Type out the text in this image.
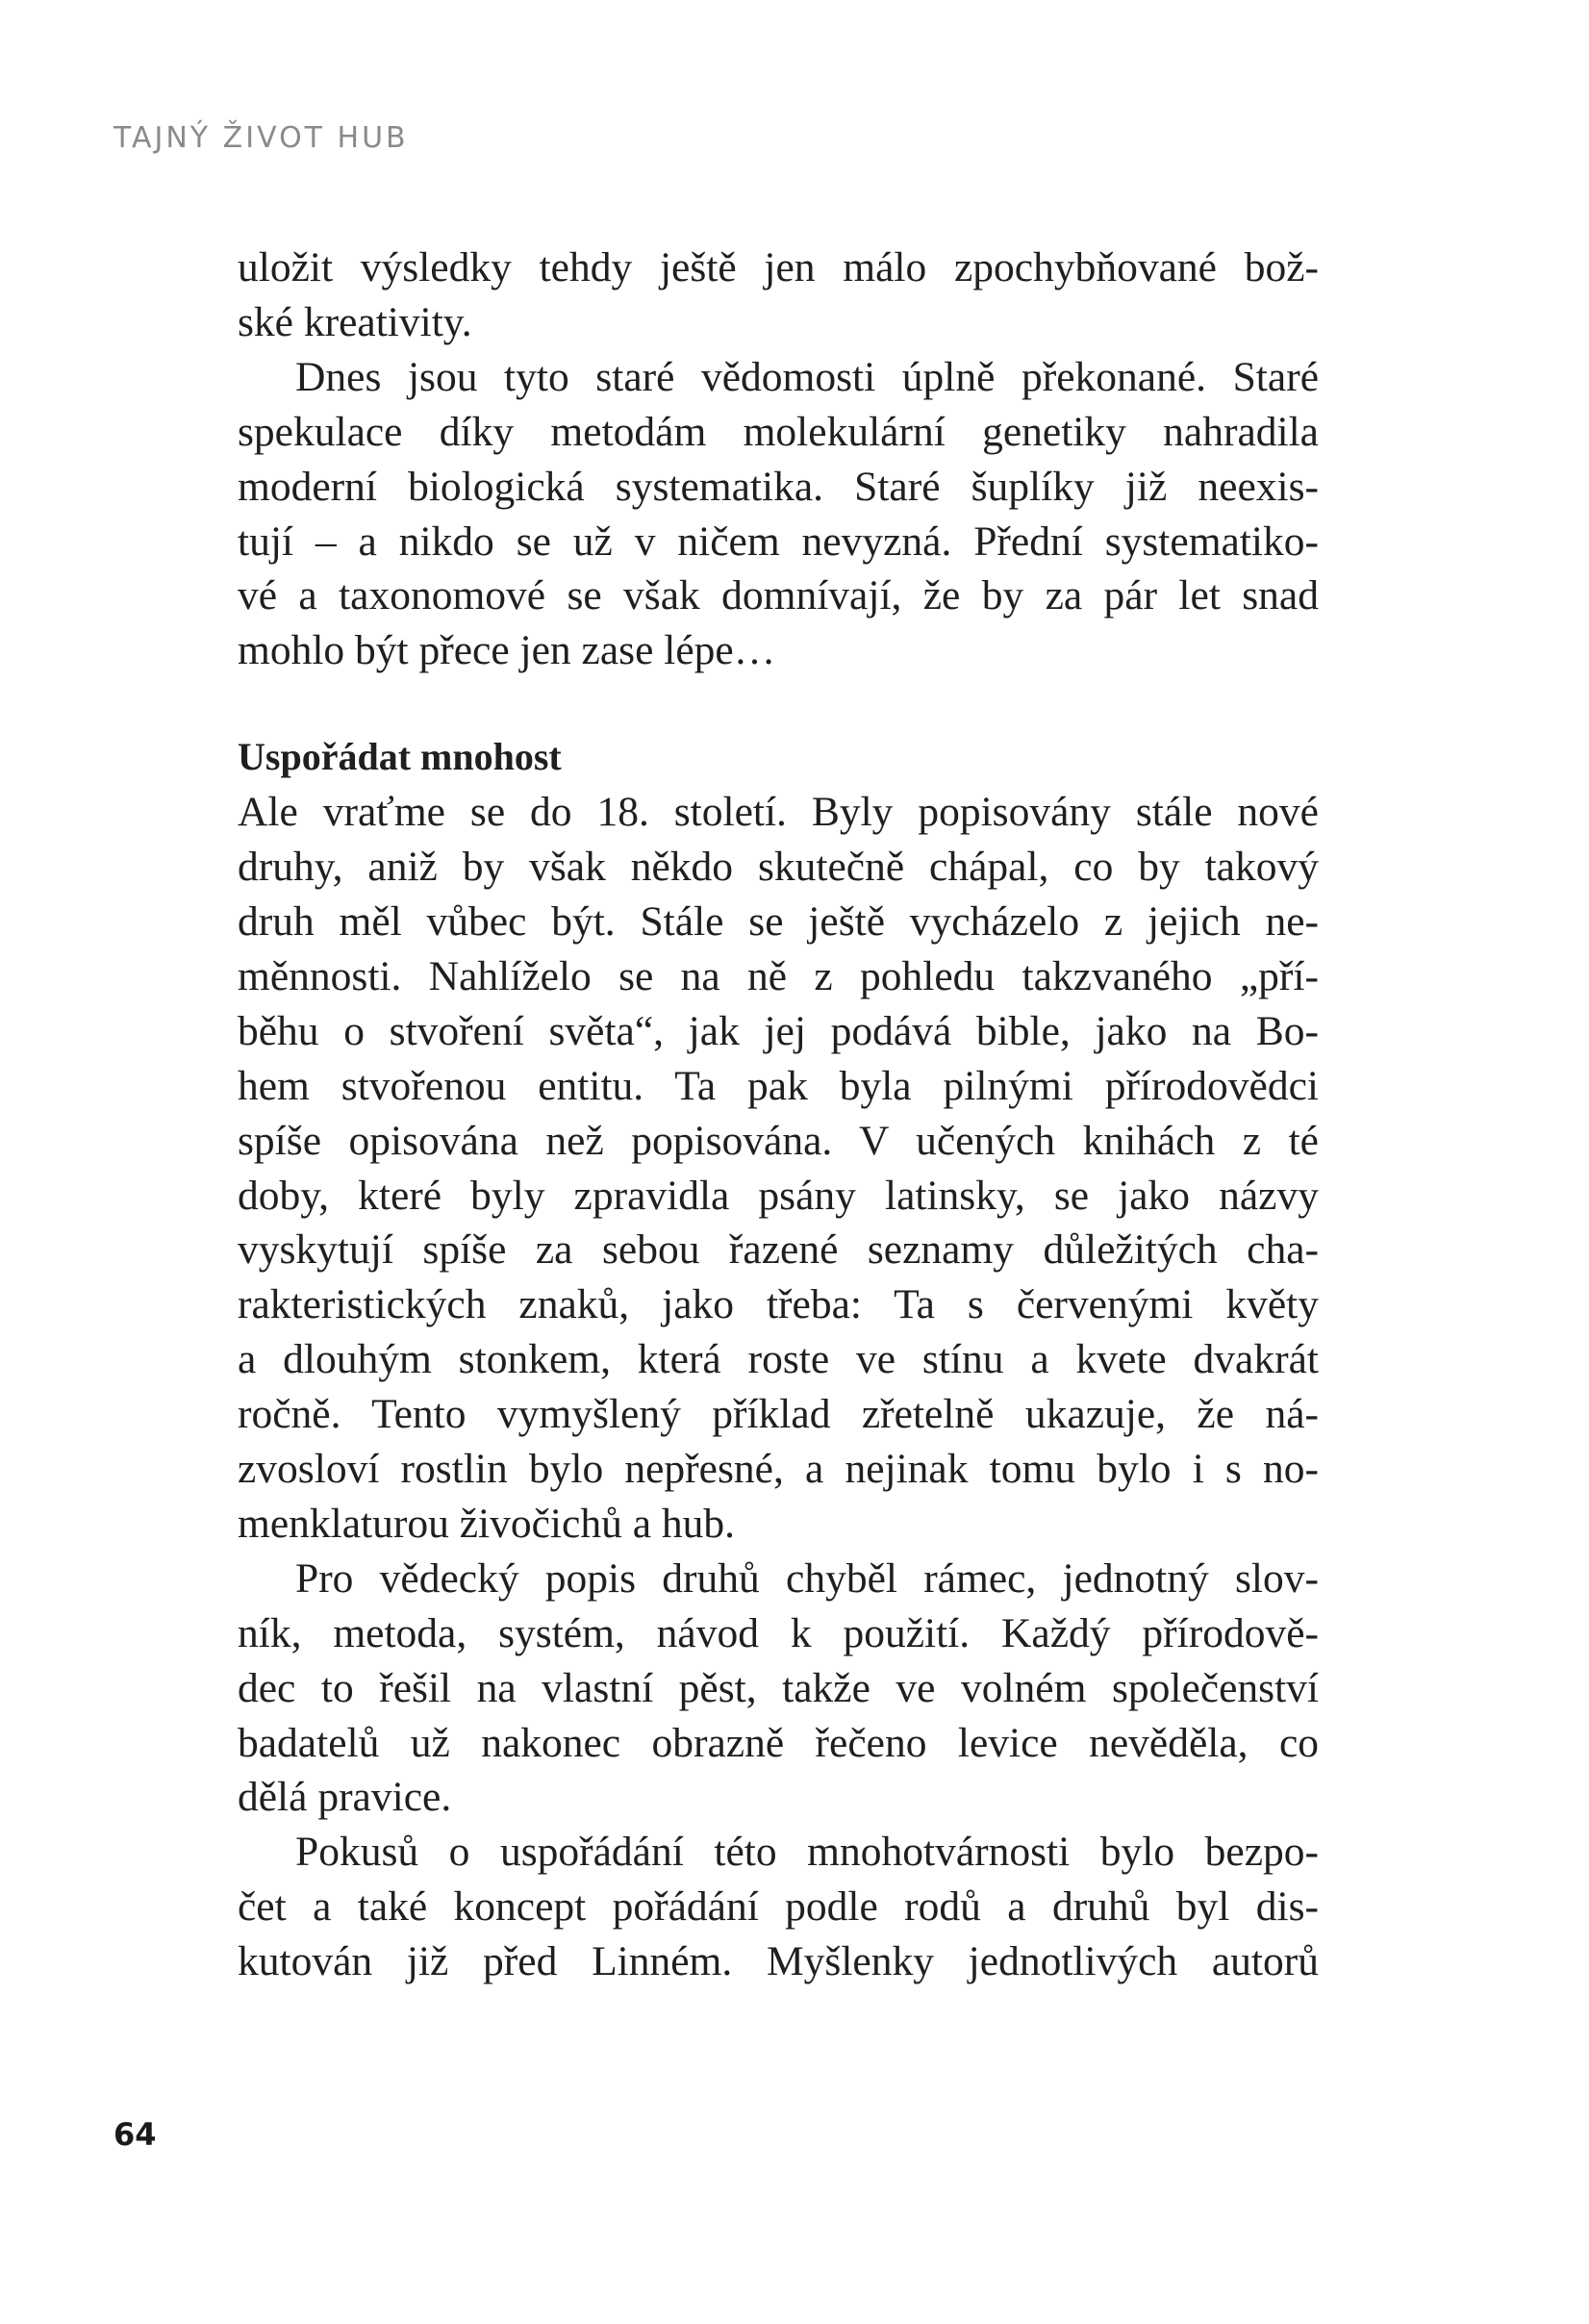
TAJNÝ ŽIVOT HUB

uložit výsledky tehdy ještě jen málo zpochybňované bož-
ské kreativity.

Dnes jsou tyto staré vědomosti úplně překonané. Staré
spekulace díky metodám molekulární genetiky nahradila
moderní biologická systematika. Staré šuplíky již neexis-
tují – a nikdo se už v ničem nevyzná. Přední systematiko-
vé a taxonomové se však domnívají, že by za pár let snad
mohlo být přece jen zase lépe…

Uspořádat mnohost

Ale vraťme se do 18. století. Byly popisovány stále nové
druhy, aniž by však někdo skutečně chápal, co by takový
druh měl vůbec být. Stále se ještě vycházelo z jejich ne-
měnnosti. Nahlíželo se na ně z pohledu takzvaného „pří-
běhu o stvoření světa“, jak jej podává bible, jako na Bo-
hem stvořenou entitu. Ta pak byla pilnými přírodovědci
spíše opisována než popisována. V učených knihách z té
doby, které byly zpravidla psány latinsky, se jako názvy
vyskytují spíše za sebou řazené seznamy důležitých cha-
rakteristických znaků, jako třeba: Ta s červenými květy
a dlouhým stonkem, která roste ve stínu a kvete dvakrát
ročně. Tento vymyšlený příklad zřetelně ukazuje, že ná-
zvosloví rostlin bylo nepřesné, a nejinak tomu bylo i s no-
menklaturou živočichů a hub.

Pro vědecký popis druhů chyběl rámec, jednotný slov-
ník, metoda, systém, návod k použití. Každý přírodově-
dec to řešil na vlastní pěst, takže ve volném společenství
badatelů už nakonec obrazně řečeno levice nevěděla, co
dělá pravice.

Pokusů o uspořádání této mnohotvárnosti bylo bezpo-
čet a také koncept pořádání podle rodů a druhů byl dis-
kutován již před Linném. Myšlenky jednotlivých autorů

64
